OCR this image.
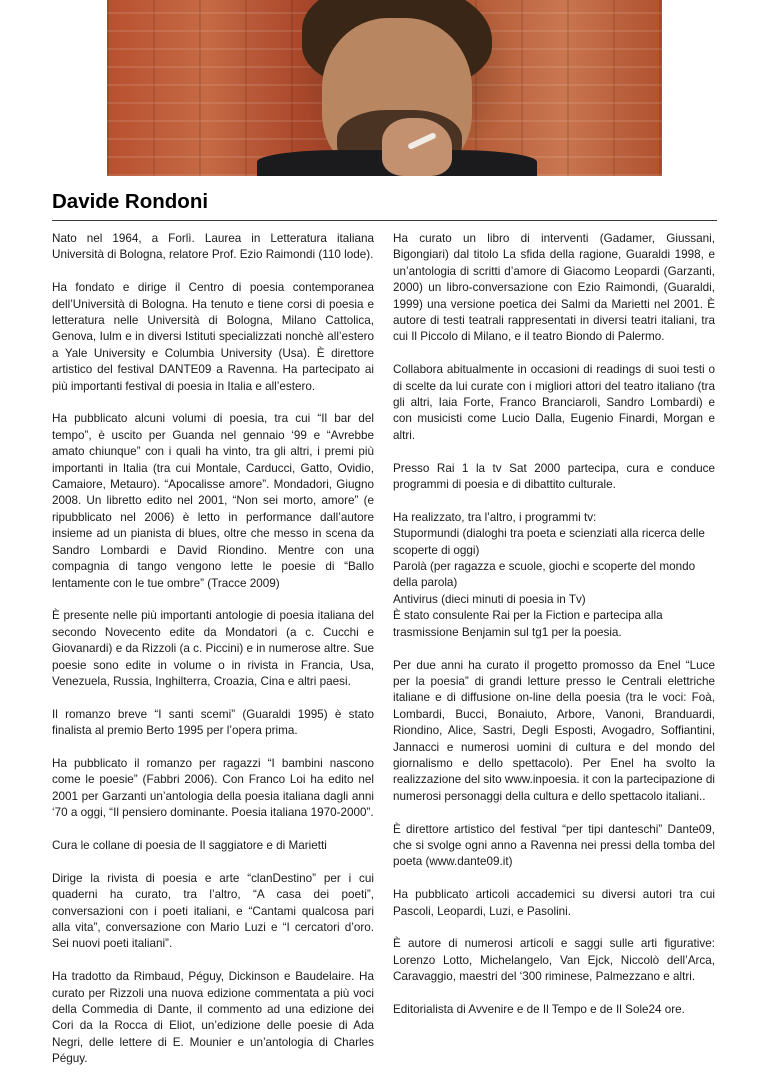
Davide Rondoni

Nato nel 1964, a Forlì. Laurea in Letteratura italiana Università di Bologna, relatore Prof. Ezio Raimondi (110 lode).

Ha fondato e dirige il Centro di poesia contemporanea dell’Università di Bologna. Ha tenuto e tiene corsi di poesia e letteratura nelle Università di Bologna, Milano Cattolica, Genova, Iulm e in diversi Istituti specializzati nonchè all’estero a Yale University e Columbia University (Usa). È direttore artistico del festival DANTE09 a Ravenna. Ha partecipato ai più importanti festival di poesia in Italia e all’estero.

Ha pubblicato alcuni volumi di poesia, tra cui “Il bar del tempo”, è uscito per Guanda nel gennaio ‘99 e “Avrebbe amato chiunque” con i quali ha vinto, tra gli altri, i premi più importanti in Italia (tra cui Montale, Carducci, Gatto, Ovidio, Camaiore, Metauro). “Apocalisse amore”. Mondadori, Giugno 2008. Un libretto edito nel 2001, “Non sei morto, amore” (e ripubblicato nel 2006) è letto in performance dall’autore insieme ad un pianista di blues, oltre che messo in scena da Sandro Lombardi e David Riondino. Mentre con una compagnia di tango vengono lette le poesie di “Ballo lentamente con le tue ombre” (Tracce 2009)

È presente nelle più importanti antologie di poesia italiana del secondo Novecento edite da Mondatori (a c. Cucchi e Giovanardi) e da Rizzoli (a c. Piccini) e in numerose altre. Sue poesie sono edite in volume o in rivista in Francia, Usa, Venezuela, Russia, Inghilterra, Croazia, Cina e altri paesi.

Il romanzo breve “I santi scemi” (Guaraldi 1995) è stato finalista al premio Berto 1995 per l’opera prima.

Ha pubblicato il romanzo per ragazzi “I bambini nascono come le poesie” (Fabbri 2006). Con Franco Loi ha edito nel 2001 per Garzanti un’antologia della poesia italiana dagli anni ‘70 a oggi, “Il pensiero dominante. Poesia italiana 1970-2000”.

Cura le collane di poesia de Il saggiatore e di Marietti

Dirige la rivista di poesia e arte “clanDestino” per i cui quaderni ha curato, tra l’altro, “A casa dei poeti”, conversazioni con i poeti italiani, e “Cantami qualcosa pari alla vita”, conversazione con Mario Luzi e “I cercatori d’oro. Sei nuovi poeti italiani”.

Ha tradotto da Rimbaud, Péguy, Dickinson e Baudelaire. Ha curato per Rizzoli una nuova edizione commentata a più voci della Commedia di Dante, il commento ad una edizione dei Cori da la Rocca di Eliot, un’edizione delle poesie di Ada Negri, delle lettere di E. Mounier e un’antologia di Charles Péguy.

Ha curato un libro di interventi (Gadamer, Giussani, Bigongiari) dal titolo La sfida della ragione, Guaraldi 1998, e un’antologia di scritti d’amore di Giacomo Leopardi (Garzanti, 2000) un libro-conversazione con Ezio Raimondi, (Guaraldi, 1999) una versione poetica dei Salmi da Marietti nel 2001. È autore di testi teatrali rappresentati in diversi teatri italiani, tra cui Il Piccolo di Milano, e il teatro Biondo di Palermo.

Collabora abitualmente in occasioni di readings di suoi testi o di scelte da lui curate con i migliori attori del teatro italiano (tra gli altri, Iaia Forte, Franco Branciaroli, Sandro Lombardi) e con musicisti come Lucio Dalla, Eugenio Finardi, Morgan e altri.

Presso Rai 1 la tv Sat 2000 partecipa, cura e conduce programmi di poesia e di dibattito culturale.

Ha realizzato, tra l’altro, i programmi tv:
Stupormundi (dialoghi tra poeta e scienziati alla ricerca delle scoperte di oggi)
Parolà (per ragazza e scuole, giochi e scoperte del mondo della parola)
Antivirus (dieci minuti di poesia in Tv)
È stato consulente Rai per la Fiction e partecipa alla trasmissione Benjamin sul tg1 per la poesia.

Per due anni ha curato il progetto promosso da Enel “Luce per la poesia” di grandi letture presso le Centrali elettriche italiane e di diffusione on-line della poesia (tra le voci: Foà, Lombardi, Bucci, Bonaiuto, Arbore, Vanoni, Branduardi, Riondino, Alice, Sastri, Degli Esposti, Avogadro, Soffiantini, Jannacci e numerosi uomini di cultura e del mondo del giornalismo e dello spettacolo). Per Enel ha svolto la realizzazione del sito www.inpoesia. it con la partecipazione di numerosi personaggi della cultura e dello spettacolo italiani..

È direttore artistico del festival “per tipi danteschi” Dante09, che si svolge ogni anno a Ravenna nei pressi della tomba del poeta (www.dante09.it)

Ha pubblicato articoli accademici su diversi autori tra cui Pascoli, Leopardi, Luzi, e Pasolini.

È autore di numerosi articoli e saggi sulle arti figurative: Lorenzo Lotto, Michelangelo, Van Ejck, Niccolò dell’Arca, Caravaggio, maestri del ‘300 riminese, Palmezzano e altri.

Editorialista di Avvenire e de Il Tempo e de Il Sole24 ore.
